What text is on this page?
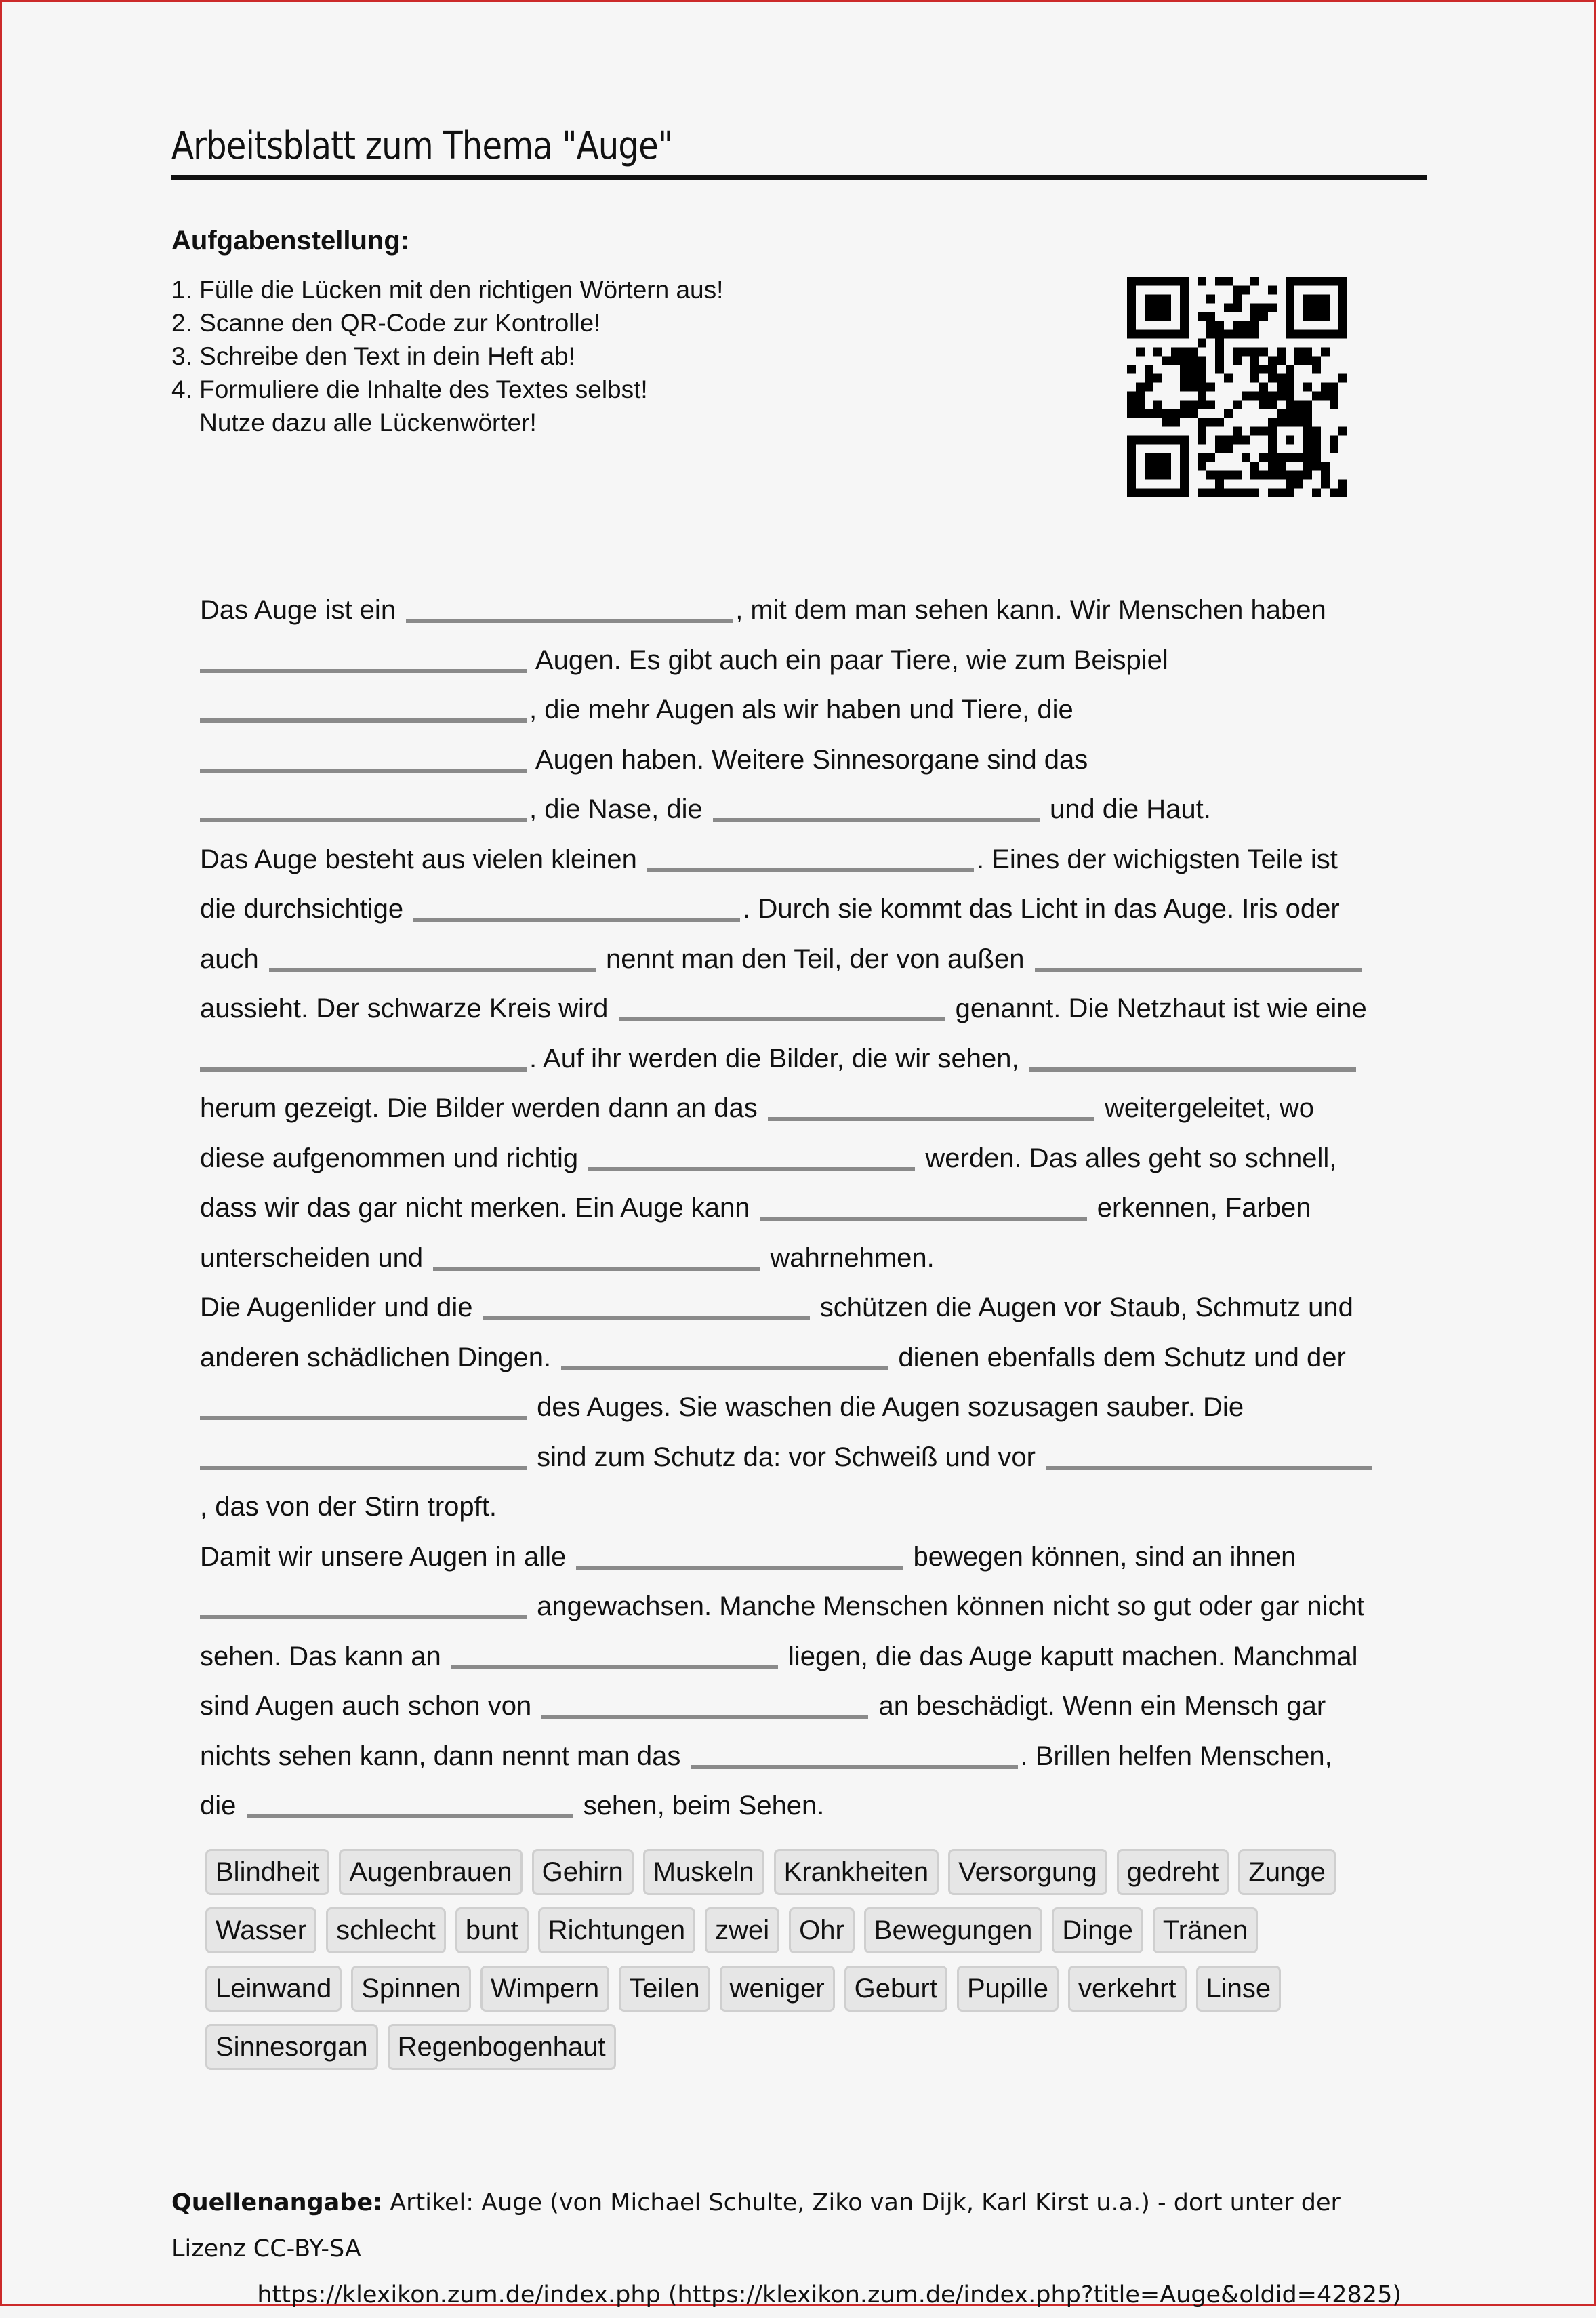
Arbeitsblatt zum Thema "Auge"
Aufgabenstellung:
1. Fülle die Lücken mit den richtigen Wörtern aus!
2. Scanne den QR-Code zur Kontrolle!
3. Schreibe den Text in dein Heft ab!
4. Formuliere die Inhalte des Textes selbst!
Nutze dazu alle Lückenwörter!
Das Auge ist ein	, mit dem man sehen kann. Wir Menschen haben
Augen. Es gibt auch ein paar Tiere, wie zum Beispiel
, die mehr Augen als wir haben und Tiere, die
Augen haben. Weitere Sinnesorgane sind das
, die Nase, die	und die Haut.
Das Auge besteht aus vielen kleinen	. Eines der wichigsten Teile ist
die durchsichtige	. Durch sie kommt das Licht in das Auge. Iris oder
auch	nennt man den Teil, der von außen
aussieht. Der schwarze Kreis wird	genannt. Die Netzhaut ist wie eine
. Auf ihr werden die Bilder, die wir sehen,
herum gezeigt. Die Bilder werden dann an das	weitergeleitet, wo
diese aufgenommen und richtig	werden. Das alles geht so schnell,
dass wir das gar nicht merken. Ein Auge kann	erkennen, Farben
unterscheiden und	wahrnehmen.
Die Augenlider und die	schützen die Augen vor Staub, Schmutz und
anderen schädlichen Dingen.	dienen ebenfalls dem Schutz und der
des Auges. Sie waschen die Augen sozusagen sauber. Die
sind zum Schutz da: vor Schweiß und vor
, das von der Stirn tropft.
Damit wir unsere Augen in alle	bewegen können, sind an ihnen
angewachsen. Manche Menschen können nicht so gut oder gar nicht
sehen. Das kann an	liegen, die das Auge kaputt machen. Manchmal
sind Augen auch schon von	an beschädigt. Wenn ein Mensch gar
nichts sehen kann, dann nennt man das	. Brillen helfen Menschen,
die	sehen, beim Sehen.
Blindheit Augenbrauen Gehirn Muskeln Krankheiten Versorgung gedreht Zunge
Wasser schlecht bunt Richtungen zwei Ohr Bewegungen Dinge Tränen
Leinwand Spinnen Wimpern Teilen weniger Geburt Pupille verkehrt Linse
Sinnesorgan Regenbogenhaut
Quellenangabe: Artikel: Auge (von Michael Schulte, Ziko van Dijk, Karl Kirst u.a.) - dort unter der Lizenz CC-BY-SA
https://klexikon.zum.de/index.php (https://klexikon.zum.de/index.php?title=Auge&oldid=42825)
